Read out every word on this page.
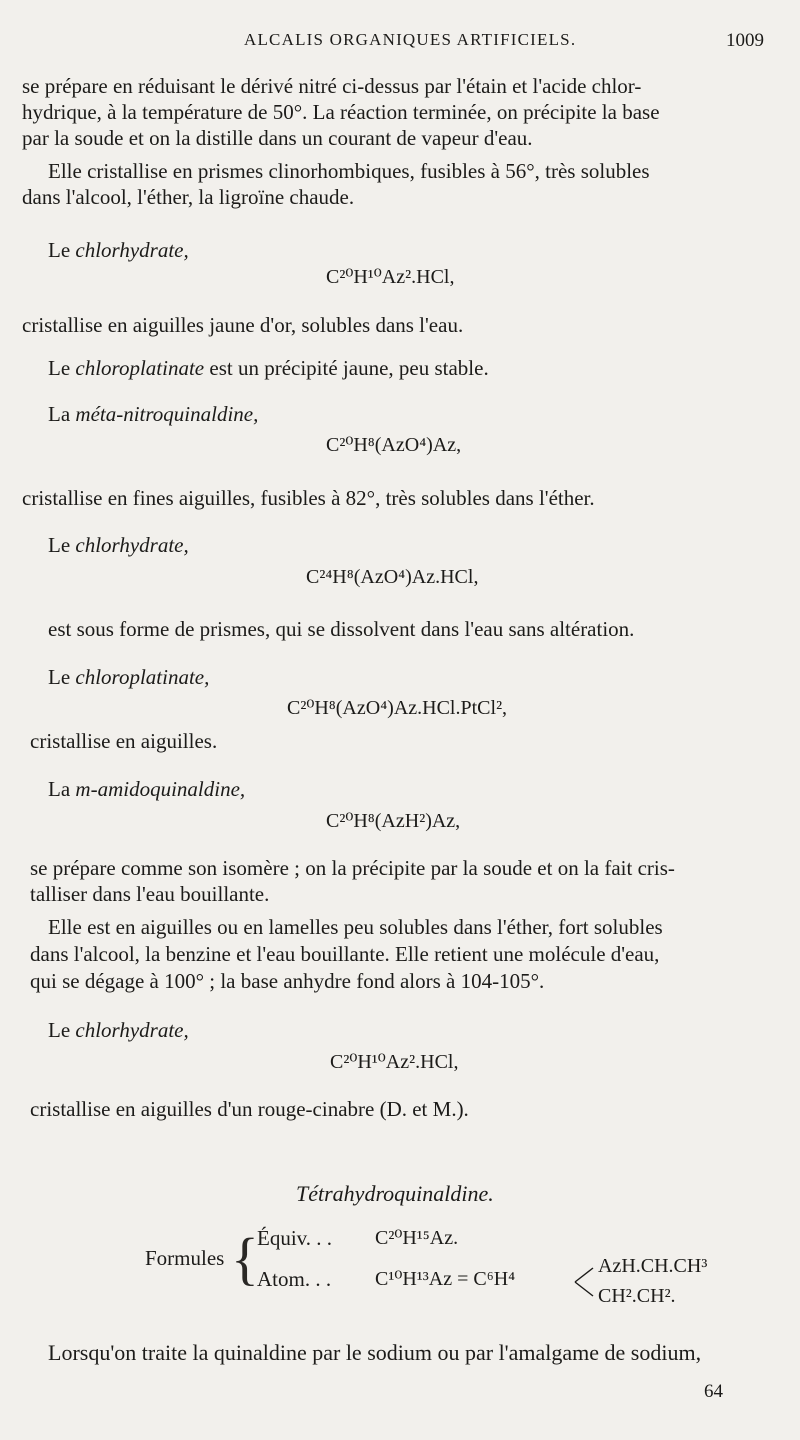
ALCALIS ORGANIQUES ARTIFICIELS.	1009
se prépare en réduisant le dérivé nitré ci-dessus par l'étain et l'acide chlor-
hydrique, à la température de 50°. La réaction terminée, on précipite la base
par la soude et on la distille dans un courant de vapeur d'eau.
Elle cristallise en prismes clinorhombiques, fusibles à 56°, très solubles
dans l'alcool, l'éther, la ligroïne chaude.
Le chlorhydrate,
C²⁰H¹⁰Az².HCl,
cristallise en aiguilles jaune d'or, solubles dans l'eau.
Le chloroplatinate est un précipité jaune, peu stable.
La méta-nitroquinaldine,
C²⁰H⁸(AzO⁴)Az,
cristallise en fines aiguilles, fusibles à 82°, très solubles dans l'éther.
Le chlorhydrate,
C²⁴H⁸(AzO⁴)Az.HCl,
est sous forme de prismes, qui se dissolvent dans l'eau sans altération.
Le chloroplatinate,
C²⁰H⁸(AzO⁴)Az.HCl.PtCl²,
cristallise en aiguilles.
La m-amidoquinaldine,
C²⁰H⁸(AzH²)Az,
se prépare comme son isomère ; on la précipite par la soude et on la fait cris-
talliser dans l'eau bouillante.
Elle est en aiguilles ou en lamelles peu solubles dans l'éther, fort solubles
dans l'alcool, la benzine et l'eau bouillante. Elle retient une molécule d'eau,
qui se dégage à 100° ; la base anhydre fond alors à 104-105°.
Le chlorhydrate,
C²⁰H¹⁰Az².HCl,
cristallise en aiguilles d'un rouge-cinabre (D. et M.).
Tétrahydroquinaldine.
Formules {
Équiv. . . C²⁰H¹⁵Az.
Atom. . . C¹⁰H¹³Az = C⁶H⁴
AzH.CH.CH³
CH².CH².
Lorsqu'on traite la quinaldine par le sodium ou par l'amalgame de sodium,
64
